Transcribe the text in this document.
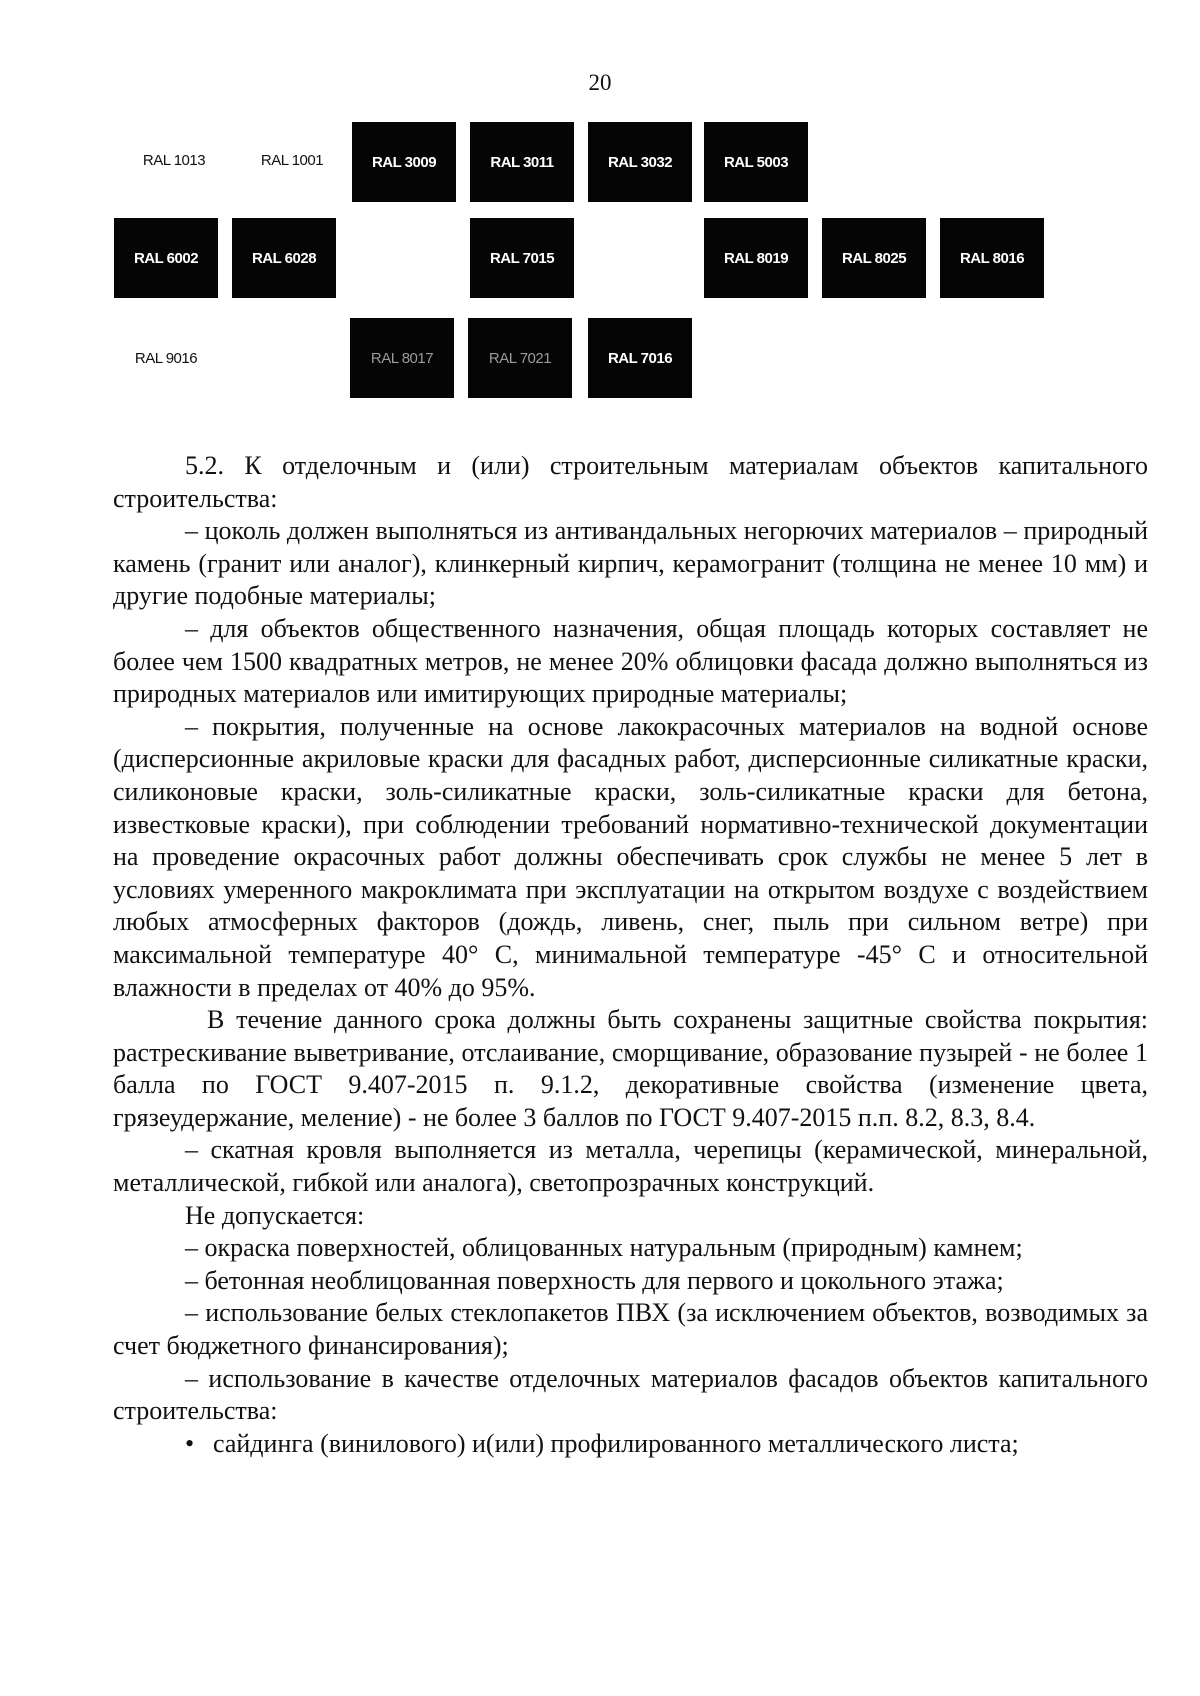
20
RAL 1013	RAL 1001	RAL 3009	RAL 3011	RAL 3032	RAL 5003
RAL 6002	RAL 6028	RAL 7015	RAL 8019	RAL 8025	RAL 8016
RAL 9016	RAL 8017	RAL 7021	RAL 7016

5.2. К отделочным и (или) строительным материалам объектов капитального строительства:

– цоколь должен выполняться из антивандальных негорючих материалов – природный камень (гранит или аналог), клинкерный кирпич, керамогранит (толщина не менее 10 мм) и другие подобные материалы;

– для объектов общественного назначения, общая площадь которых составляет не более чем 1500 квадратных метров, не менее 20% облицовки фасада должно выполняться из природных материалов или имитирующих природные материалы;

– покрытия, полученные на основе лакокрасочных материалов на водной основе (дисперсионные акриловые краски для фасадных работ, дисперсионные силикатные краски, силиконовые краски, золь-силикатные краски, золь-силикатные краски для бетона, известковые краски), при соблюдении требований нормативно-технической документации на проведение окрасочных работ должны обеспечивать срок службы не менее 5 лет в условиях умеренного макроклимата при эксплуатации на открытом воздухе с воздействием любых атмосферных факторов (дождь, ливень, снег, пыль при сильном ветре) при максимальной температуре 40° С, минимальной температуре -45° С и относительной влажности в пределах от 40% до 95%.

В течение данного срока должны быть сохранены защитные свойства покрытия: растрескивание выветривание, отслаивание, сморщивание, образование пузырей - не более 1 балла по ГОСТ 9.407-2015 п. 9.1.2, декоративные свойства (изменение цвета, грязеудержание, меление) - не более 3 баллов по ГОСТ 9.407-2015 п.п. 8.2, 8.3, 8.4.

– скатная кровля выполняется из металла, черепицы (керамической, минеральной, металлической, гибкой или аналога), светопрозрачных конструкций.

Не допускается:

– окраска поверхностей, облицованных натуральным (природным) камнем;

– бетонная необлицованная поверхность для первого и цокольного этажа;

– использование белых стеклопакетов ПВХ (за исключением объектов, возводимых за счет бюджетного финансирования);

– использование в качестве отделочных материалов фасадов объектов капитального строительства:

• сайдинга (винилового) и(или) профилированного металлического листа;
